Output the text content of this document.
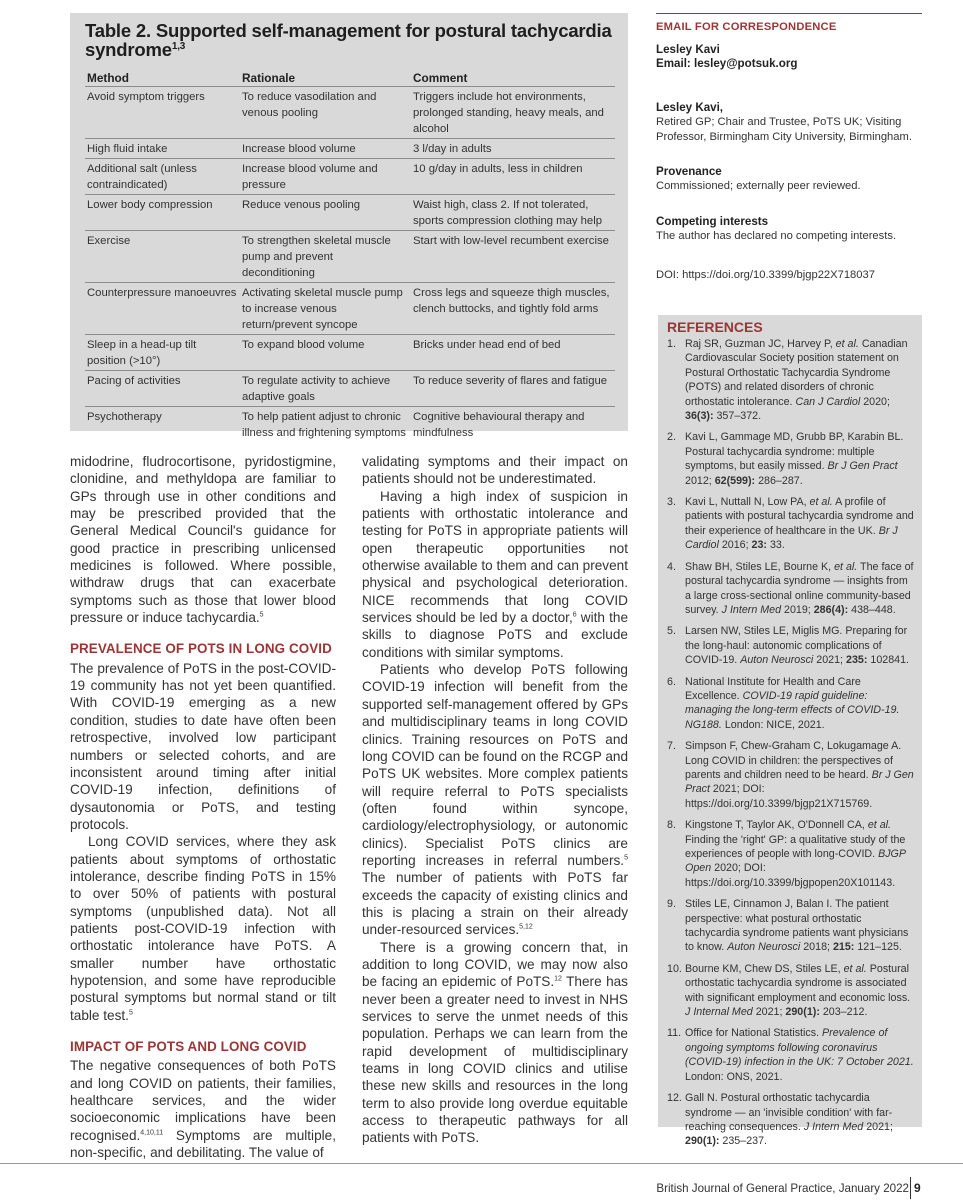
Table 2. Supported self-management for postural tachycardia syndrome$^{1,3}$
Method	Rationale	Comment
Avoid symptom triggers	To reduce vasodilation and venous pooling	Triggers include hot environments, prolonged standing, heavy meals, and alcohol
High fluid intake	Increase blood volume	3 l/day in adults
Additional salt (unless contraindicated)	Increase blood volume and pressure	10 g/day in adults, less in children
Lower body compression	Reduce venous pooling	Waist high, class 2. If not tolerated, sports compression clothing may help
Exercise	To strengthen skeletal muscle pump and prevent deconditioning	Start with low-level recumbent exercise
Counterpressure manoeuvres	Activating skeletal muscle pump to increase venous return/prevent syncope	Cross legs and squeeze thigh muscles, clench buttocks, and tightly fold arms
Sleep in a head-up tilt position (>10°)	To expand blood volume	Bricks under head end of bed
Pacing of activities	To regulate activity to achieve adaptive goals	To reduce severity of flares and fatigue
Psychotherapy	To help patient adjust to chronic illness and frightening symptoms	Cognitive behavioural therapy and mindfulness

midodrine, fludrocortisone, pyridostigmine, clonidine, and methyldopa are familiar to GPs through use in other conditions and may be prescribed provided that the General Medical Council's guidance for good practice in prescribing unlicensed medicines is followed. Where possible, withdraw drugs that can exacerbate symptoms such as those that lower blood pressure or induce tachycardia.$^5$

PREVALENCE OF POTS IN LONG COVID

The prevalence of PoTS in the post-COVID-19 community has not yet been quantified. With COVID-19 emerging as a new condition, studies to date have often been retrospective, involved low participant numbers or selected cohorts, and are inconsistent around timing after initial COVID-19 infection, definitions of dysautonomia or PoTS, and testing protocols.

Long COVID services, where they ask patients about symptoms of orthostatic intolerance, describe finding PoTS in 15% to over 50% of patients with postural symptoms (unpublished data). Not all patients post-COVID-19 infection with orthostatic intolerance have PoTS. A smaller number have orthostatic hypotension, and some have reproducible postural symptoms but normal stand or tilt table test.$^5$

IMPACT OF POTS AND LONG COVID

The negative consequences of both PoTS and long COVID on patients, their families, healthcare services, and the wider socioeconomic implications have been recognised.$^{4,10,11}$ Symptoms are multiple, non-specific, and debilitating. The value of

validating symptoms and their impact on patients should not be underestimated.

Having a high index of suspicion in patients with orthostatic intolerance and testing for PoTS in appropriate patients will open therapeutic opportunities not otherwise available to them and can prevent physical and psychological deterioration. NICE recommends that long COVID services should be led by a doctor,$^6$ with the skills to diagnose PoTS and exclude conditions with similar symptoms.

Patients who develop PoTS following COVID-19 infection will benefit from the supported self-management offered by GPs and multidisciplinary teams in long COVID clinics. Training resources on PoTS and long COVID can be found on the RCGP and PoTS UK websites. More complex patients will require referral to PoTS specialists (often found within syncope, cardiology/electrophysiology, or autonomic clinics). Specialist PoTS clinics are reporting increases in referral numbers.$^5$ The number of patients with PoTS far exceeds the capacity of existing clinics and this is placing a strain on their already under-resourced services.$^{5,12}$

There is a growing concern that, in addition to long COVID, we may now also be facing an epidemic of PoTS.$^{12}$ There has never been a greater need to invest in NHS services to serve the unmet needs of this population. Perhaps we can learn from the rapid development of multidisciplinary teams in long COVID clinics and utilise these new skills and resources in the long term to also provide long overdue equitable access to therapeutic pathways for all patients with PoTS.

EMAIL FOR CORRESPONDENCE
Lesley Kavi
Email: lesley@potsuk.org
Lesley Kavi,
Retired GP; Chair and Trustee, PoTS UK; Visiting Professor, Birmingham City University, Birmingham.
Provenance
Commissioned; externally peer reviewed.
Competing interests
The author has declared no competing interests.
DOI: https://doi.org/10.3399/bjgp22X718037
REFERENCES
1. Raj SR, Guzman JC, Harvey P, et al. Canadian Cardiovascular Society position statement on Postural Orthostatic Tachycardia Syndrome (POTS) and related disorders of chronic orthostatic intolerance. Can J Cardiol 2020; 36(3): 357–372.
2. Kavi L, Gammage MD, Grubb BP, Karabin BL. Postural tachycardia syndrome: multiple symptoms, but easily missed. Br J Gen Pract 2012; 62(599): 286–287.
3. Kavi L, Nuttall N, Low PA, et al. A profile of patients with postural tachycardia syndrome and their experience of healthcare in the UK. Br J Cardiol 2016; 23: 33.
4. Shaw BH, Stiles LE, Bourne K, et al. The face of postural tachycardia syndrome — insights from a large cross-sectional online community-based survey. J Intern Med 2019; 286(4): 438–448.
5. Larsen NW, Stiles LE, Miglis MG. Preparing for the long-haul: autonomic complications of COVID-19. Auton Neurosci 2021; 235: 102841.
6. National Institute for Health and Care Excellence. COVID-19 rapid guideline: managing the long-term effects of COVID-19. NG188. London: NICE, 2021.
7. Simpson F, Chew-Graham C, Lokugamage A. Long COVID in children: the perspectives of parents and children need to be heard. Br J Gen Pract 2021; DOI: https://doi.org/10.3399/bjgp21X715769.
8. Kingstone T, Taylor AK, O'Donnell CA, et al. Finding the 'right' GP: a qualitative study of the experiences of people with long-COVID. BJGP Open 2020; DOI: https://doi.org/10.3399/bjgpopen20X101143.
9. Stiles LE, Cinnamon J, Balan I. The patient perspective: what postural orthostatic tachycardia syndrome patients want physicians to know. Auton Neurosci 2018; 215: 121–125.
10. Bourne KM, Chew DS, Stiles LE, et al. Postural orthostatic tachycardia syndrome is associated with significant employment and economic loss. J Internal Med 2021; 290(1): 203–212.
11. Office for National Statistics. Prevalence of ongoing symptoms following coronavirus (COVID-19) infection in the UK: 7 October 2021. London: ONS, 2021.
12. Gall N. Postural orthostatic tachycardia syndrome — an 'invisible condition' with far-reaching consequences. J Intern Med 2021; 290(1): 235–237.
British Journal of General Practice, January 2022 9
